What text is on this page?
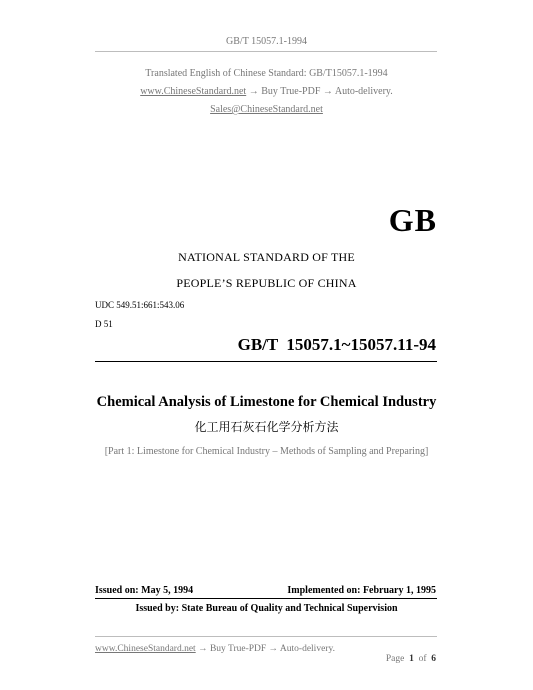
GB/T 15057.1-1994
Translated English of Chinese Standard: GB/T15057.1-1994
www.ChineseStandard.net → Buy True-PDF → Auto-delivery.
Sales@ChineseStandard.net
GB
NATIONAL STANDARD OF THE
PEOPLE’S REPUBLIC OF CHINA
UDC 549.51:661:543.06
D 51
GB/T  15057.1~15057.11-94
Chemical Analysis of Limestone for Chemical Industry
化工用石灰石化学分析方法
[Part 1: Limestone for Chemical Industry – Methods of Sampling and Preparing]
Issued on: May 5, 1994	Implemented on: February 1, 1995
Issued by: State Bureau of Quality and Technical Supervision
www.ChineseStandard.net → Buy True-PDF → Auto-delivery.

Page 1 of 6
